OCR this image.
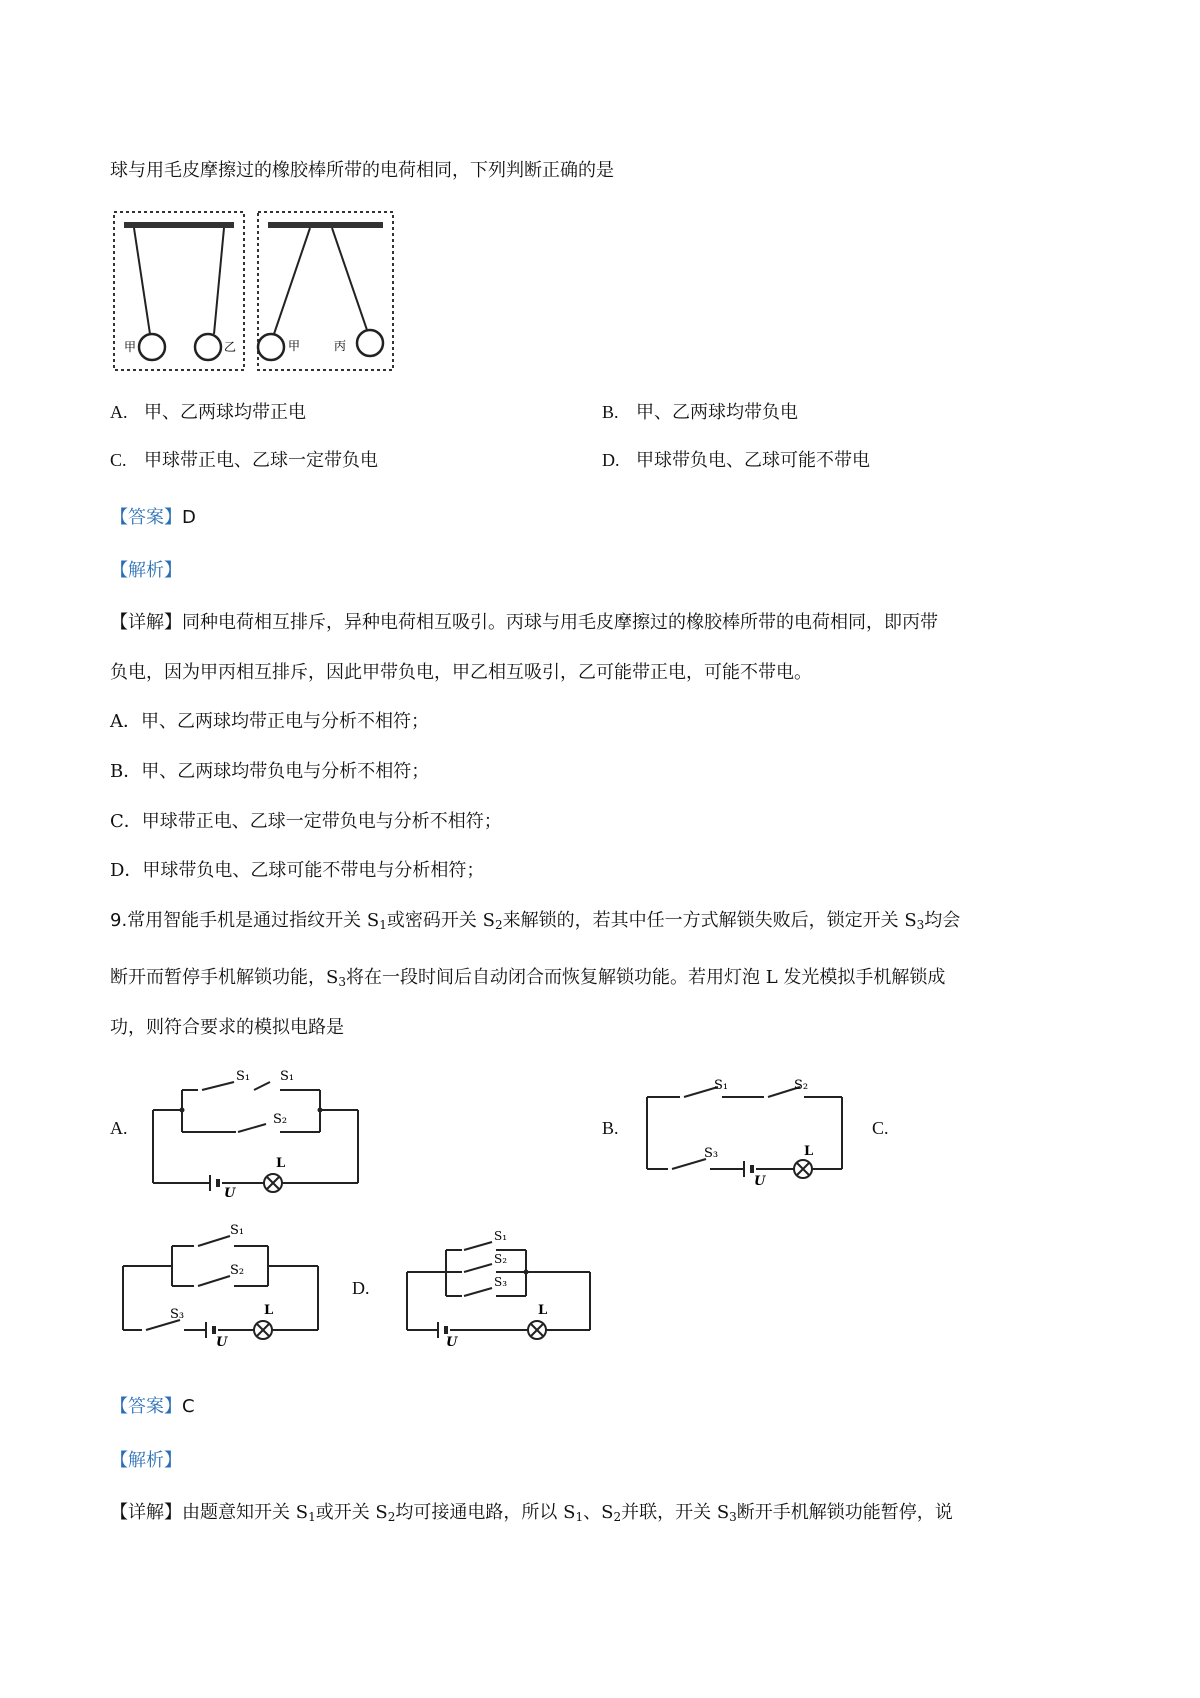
球与用毛皮摩擦过的橡胶棒所带的电荷相同，下列判断正确的是
甲	乙	甲	丙
A. 甲、乙两球均带正电	B. 甲、乙两球均带负电
C. 甲球带正电、乙球一定带负电	D. 甲球带负电、乙球可能不带电
【答案】D
【解析】
【详解】同种电荷相互排斥，异种电荷相互吸引。丙球与用毛皮摩擦过的橡胶棒所带的电荷相同，即丙带
负电，因为甲丙相互排斥，因此甲带负电，甲乙相互吸引，乙可能带正电，可能不带电。
A．甲、乙两球均带正电与分析不相符；
B．甲、乙两球均带负电与分析不相符；
C．甲球带正电、乙球一定带负电与分析不相符；
D．甲球带负电、乙球可能不带电与分析相符；
9.常用智能手机是通过指纹开关 $S_1$或密码开关 $S_2$来解锁的，若其中任一方式解锁失败后，锁定开关 $S_3$均会
断开而暂停手机解锁功能，$S_3$将在一段时间后自动闭合而恢复解锁功能。若用灯泡 L 发光模拟手机解锁成
功，则符合要求的模拟电路是
A.	B.	C.
D.
S₁ S₁
S₂
L
U
S₁	S₂
S₃	L
U
S₁
S₂
S₃	L
U
S₁
S₂
S₃
L
U
【答案】C
【解析】
【详解】由题意知开关 $S_1$或开关 $S_2$均可接通电路，所以 $S_1$、$S_2$并联，开关 $S_3$断开手机解锁功能暂停，说
